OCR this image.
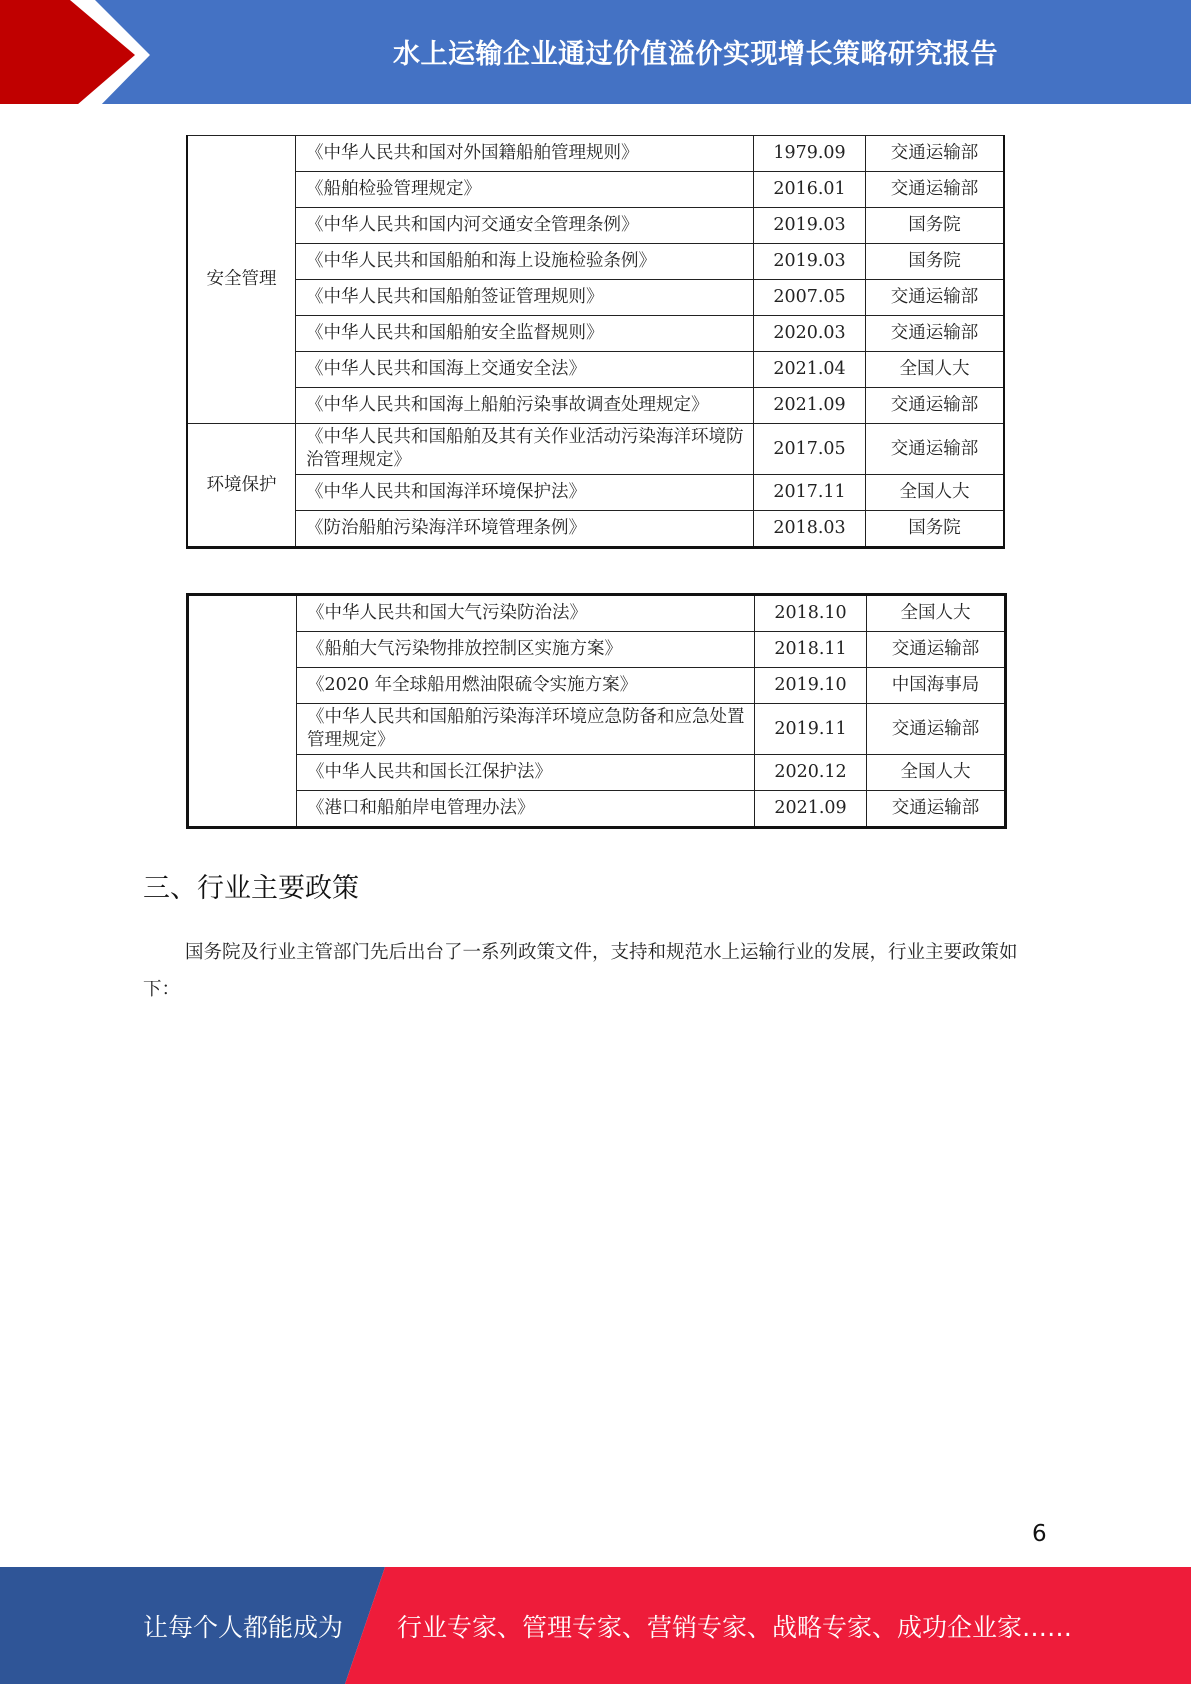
水上运输企业通过价值溢价实现增长策略研究报告
安全管理	《中华人民共和国对外国籍船舶管理规则》	1979.09	交通运输部
	《船舶检验管理规定》	2016.01	交通运输部
	《中华人民共和国内河交通安全管理条例》	2019.03	国务院
	《中华人民共和国船舶和海上设施检验条例》	2019.03	国务院
	《中华人民共和国船舶签证管理规则》	2007.05	交通运输部
	《中华人民共和国船舶安全监督规则》	2020.03	交通运输部
	《中华人民共和国海上交通安全法》	2021.04	全国人大
	《中华人民共和国海上船舶污染事故调查处理规定》	2021.09	交通运输部
环境保护	《中华人民共和国船舶及其有关作业活动污染海洋环境防治管理规定》	2017.05	交通运输部
	《中华人民共和国海洋环境保护法》	2017.11	全国人大
	《防治船舶污染海洋环境管理条例》	2018.03	国务院
	《中华人民共和国大气污染防治法》	2018.10	全国人大
	《船舶大气污染物排放控制区实施方案》	2018.11	交通运输部
	《2020 年全球船用燃油限硫令实施方案》	2019.10	中国海事局
	《中华人民共和国船舶污染海洋环境应急防备和应急处置管理规定》	2019.11	交通运输部
	《中华人民共和国长江保护法》	2020.12	全国人大
	《港口和船舶岸电管理办法》	2021.09	交通运输部
三、行业主要政策
国务院及行业主管部门先后出台了一系列政策文件，支持和规范水上运输行业的发展，行业主要政策如下：
6
让每个人都能成为 行业专家、管理专家、营销专家、战略专家、成功企业家……
